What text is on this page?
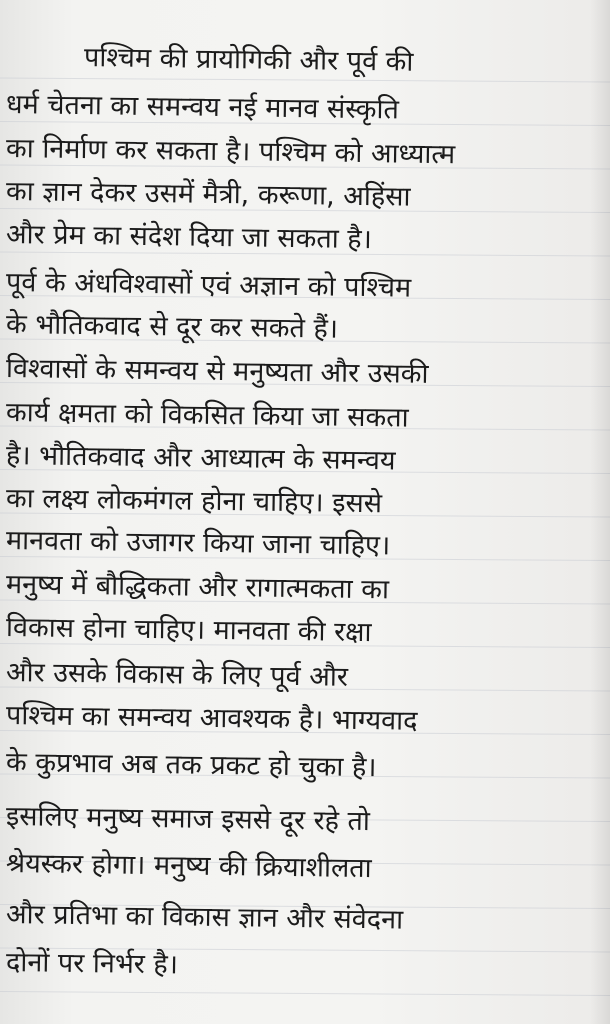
पश्चिम की प्रायोगिकी और पूर्व की
धर्म चेतना का समन्वय नई मानव संस्कृति
का निर्माण कर सकता है। पश्चिम को आध्यात्म
का ज्ञान देकर उसमें मैत्री, करूणा, अहिंसा
और प्रेम का संदेश दिया जा सकता है।
पूर्व के अंधविश्वासों एवं अज्ञान को पश्चिम
के भौतिकवाद से दूर कर सकते हैं।
विश्वासों के समन्वय से मनुष्यता और उसकी
कार्य क्षमता को विकसित किया जा सकता
है। भौतिकवाद और आध्यात्म के समन्वय
का लक्ष्य लोकमंगल होना चाहिए। इससे
मानवता को उजागर किया जाना चाहिए।
मनुष्य में बौद्धिकता और रागात्मकता का
विकास होना चाहिए। मानवता की रक्षा
और उसके विकास के लिए पूर्व और
पश्चिम का समन्वय आवश्यक है। भाग्यवाद
के कुप्रभाव अब तक प्रकट हो चुका है।
इसलिए मनुष्य समाज इससे दूर रहे तो
श्रेयस्कर होगा। मनुष्य की क्रियाशीलता
और प्रतिभा का विकास ज्ञान और संवेदना
दोनों पर निर्भर है।
